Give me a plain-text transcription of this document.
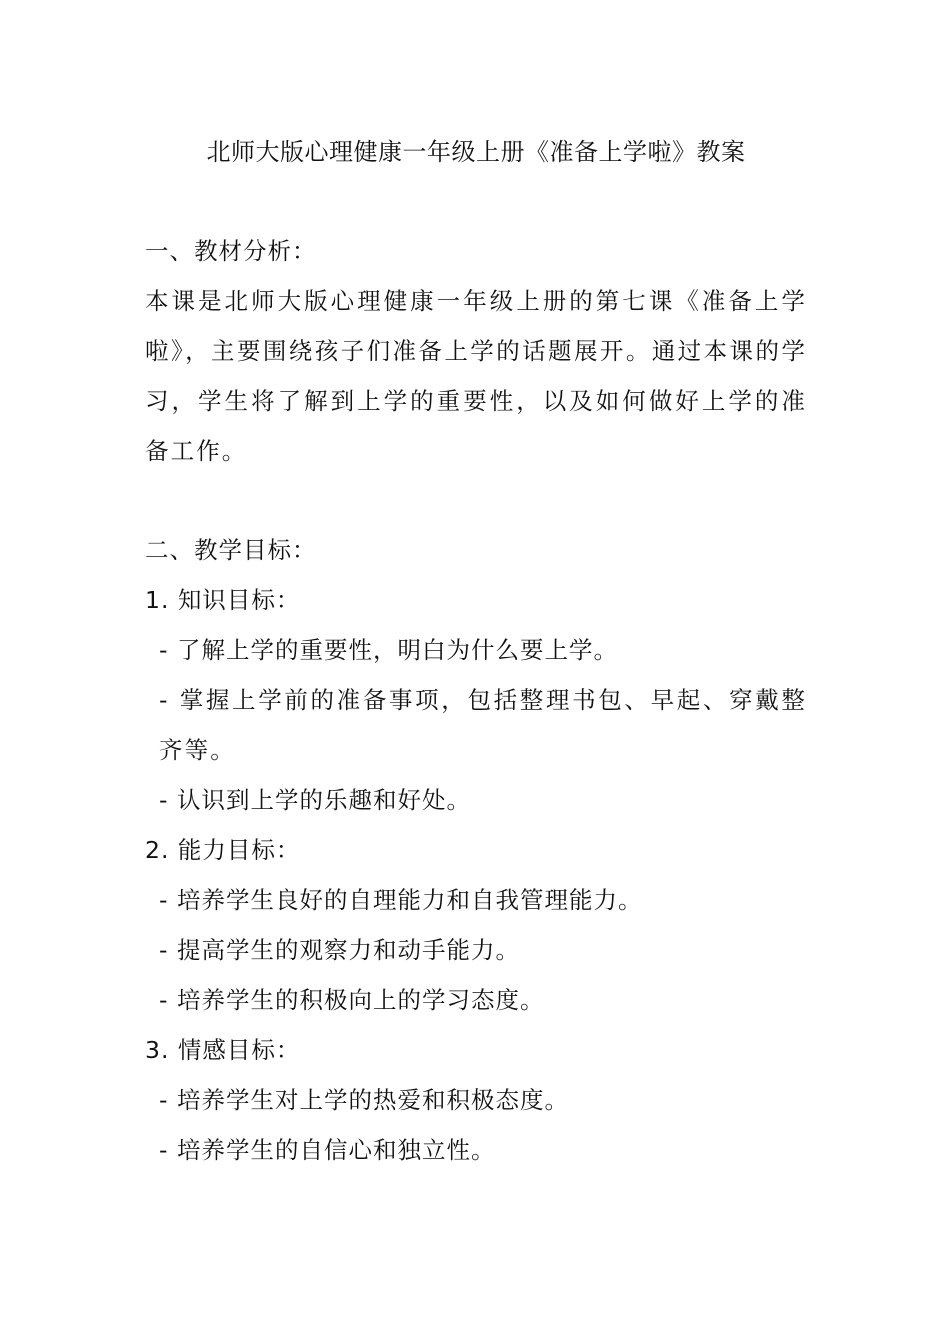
北师大版心理健康一年级上册《准备上学啦》教案

一、教材分析：

本课是北师大版心理健康一年级上册的第七课《准备上学啦》，主要围绕孩子们准备上学的话题展开。通过本课的学习，学生将了解到上学的重要性，以及如何做好上学的准备工作。

二、教学目标：

1. 知识目标：

- 了解上学的重要性，明白为什么要上学。

- 掌握上学前的准备事项，包括整理书包、早起、穿戴整齐等。

- 认识到上学的乐趣和好处。

2. 能力目标：

- 培养学生良好的自理能力和自我管理能力。

- 提高学生的观察力和动手能力。

- 培养学生的积极向上的学习态度。

3. 情感目标：

- 培养学生对上学的热爱和积极态度。

- 培养学生的自信心和独立性。
